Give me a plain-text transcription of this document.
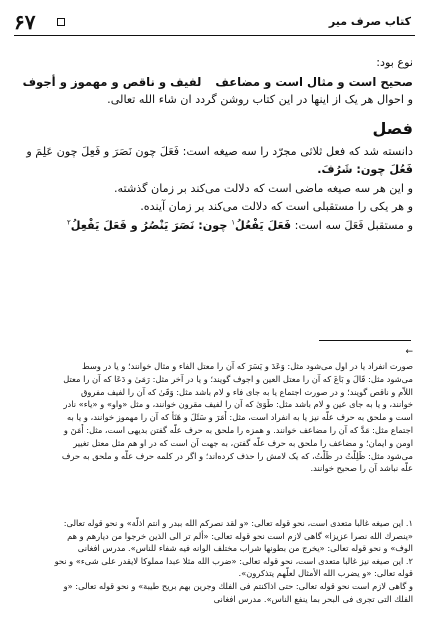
۶۷	کتاب صرف میر

نوع بود:

صحیح است و مثال است و مضاعفلفیف و ناقص و مهموز و أجوف

و احوال هر یک از اینها در این کتاب روشن گردد ان شاء الله تعالی.

فصل

دانسته شد که فعل ثلاثی مجرّد را سه صیغه است: فَعَلَ چون نَصَرَ و فَعِلَ چون عَلِمَ و

فَعُلَ چون: شَرُفَ.

و این هر سه صیغه ماضی است که دلالت می‌کند بر زمان گذشته.

و هر یکی را مستقبلی است که دلالت می‌کند بر زمان آینده.

و مستقبل فَعَلَ سه است: فَعَلَ يَفْعُلُ$^١$ چون: نَصَرَ يَنْصُرُ و فَعَلَ يَفْعِلُ$^٢$

←

صورت انفراد یا در اول می‌شود مثل: وَعَدَ و يَسَرَ که آن را معتل الفاء و مثال خوانند؛ و یا در وسط

می‌شود مثل: قَالَ و بَاعَ که آن را معتل العین و اجوف گویند؛ و یا در آخر مثل: رَمَىٰ و دَعَا که آن را معتل

اللاّم و ناقص گویند؛ و در صورت اجتماع یا به جای فاء و لام باشد مثل: وَقَىٰ که آن را لفیف مفروق

خوانند، و یا به جای عین و لام باشد مثل: طَوَىٰ که آن را لفیف مقرون خوانند، و مثل «واو» و «یاء» نادر

است و ملحق به حرف علّه نیز یا به انفراد است، مثل: أَمَرَ و سَئَلَ و هَنَأَ که آن را مهموز خوانند، و یا به

اجتماع مثل: مَدَّ که آن را مضاعف خوانند. و همزه را ملحق به حرف علّه گفتن بدیهی است، مثل: أَمَنَ و

اومن و ایمان؛ و مضاعف را ملحق به حرف علّه گفتن، به جهت آن است که در او هم مثل معتل تغییر

می‌شود مثل: ظَلِلْتُ در ظَلْتُ، که یک لامش را حذف کرده‌اند؛ و اگر در کلمه حرف علّه و ملحق به حرف

علّه نباشد آن را صحیح خوانند.

۱. این صیغه غالبا متعدی است، نحو قوله تعالی: «و لقد نصركم الله ببدر و انتم اذلّة» و نحو قوله تعالی:

«ینصرك الله نصرا عزیزا» گاهی لازم است نحو قوله تعالی: «ألم تر الى الذین خرجوا من دیارهم و هم

الوف» و نحو قوله تعالی: «یخرج من بطونها شراب مختلف الوانه فیه شفاء للناس». مدرس افغانی

۲. این صیغه نیز غالبا متعدی است، نحو قوله تعالی: «ضرب الله مثلا عبدا مملوكا لایقدر علی شیء» و نحو

قوله تعالی: «و یضرب الله الأمثال لعلّهم یتذكرون».

و گاهی لازم است نحو قوله تعالی: حتی اذاكنتم فی الفلك وجرین بهم بریح طیبة» و نحو قوله تعالی: «و

الفلك التی تجری فی البحر بما ینفع الناس». مدرس افغانی
